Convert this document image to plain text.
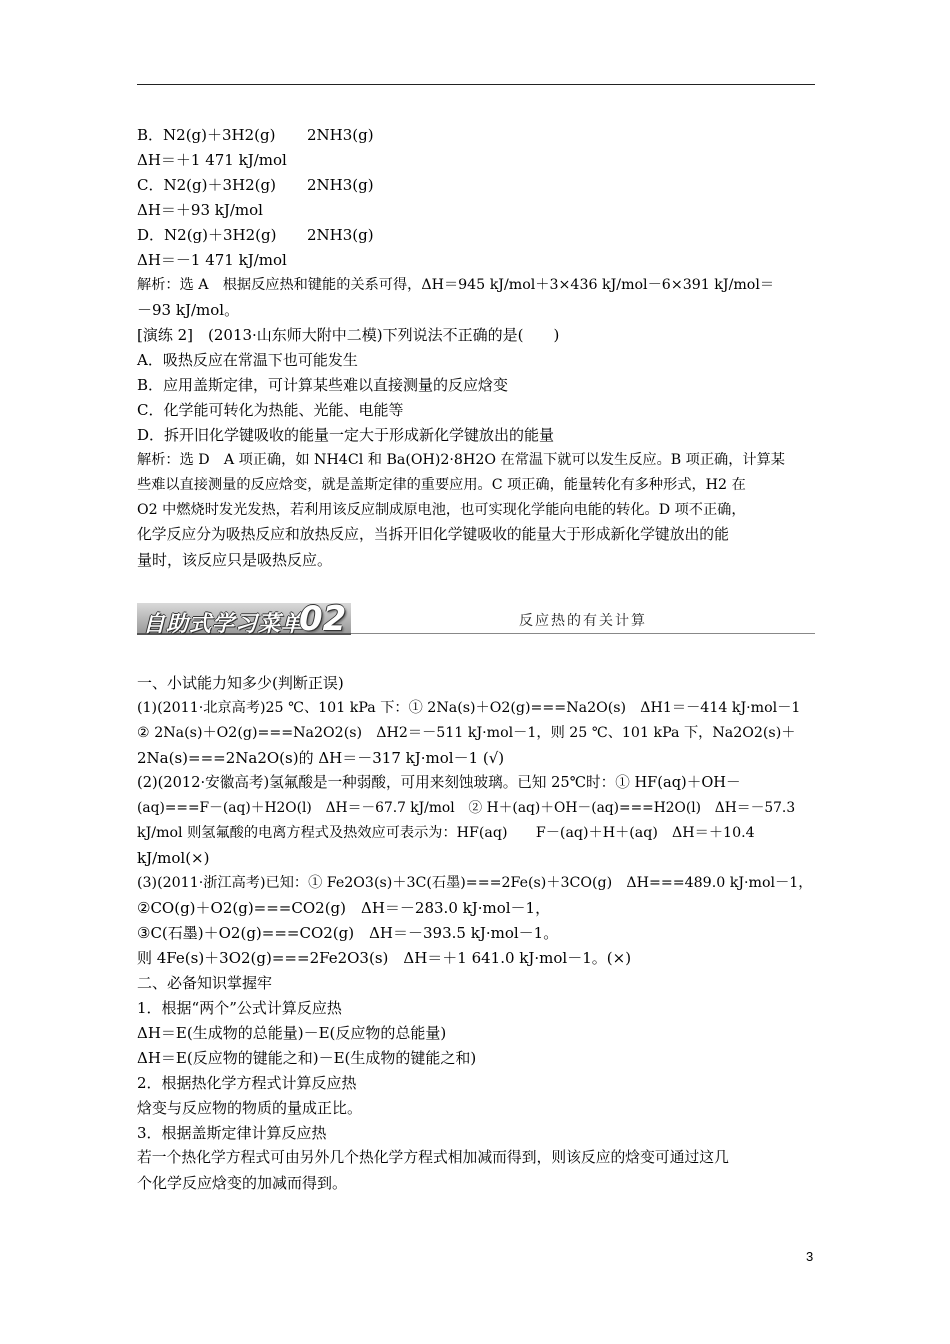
B．N2(g)＋3H2(g) 2NH3(g)
ΔH＝＋1 471 kJ/mol
C．N2(g)＋3H2(g) 2NH3(g)
ΔH＝＋93 kJ/mol
D．N2(g)＋3H2(g) 2NH3(g)
ΔH＝－1 471 kJ/mol
解析：选 A　根据反应热和键能的关系可得，ΔH＝945 kJ/mol＋3×436 kJ/mol－6×391 kJ/mol＝
－93 kJ/mol。
[演练 2]　(2013·山东师大附中二模)下列说法不正确的是(　　)
A．吸热反应在常温下也可能发生
B．应用盖斯定律，可计算某些难以直接测量的反应焓变
C．化学能可转化为热能、光能、电能等
D．拆开旧化学键吸收的能量一定大于形成新化学键放出的能量
解析：选 D　A 项正确，如 NH4Cl 和 Ba(OH)2·8H2O 在常温下就可以发生反应。B 项正确，计算某
些难以直接测量的反应焓变，就是盖斯定律的重要应用。C 项正确，能量转化有多种形式，H2 在
O2 中燃烧时发光发热，若利用该反应制成原电池，也可实现化学能向电能的转化。D 项不正确，
化学反应分为吸热反应和放热反应，当拆开旧化学键吸收的能量大于形成新化学键放出的能
量时，该反应只是吸热反应。
自助式学习菜单
02	反应热的有关计算
一、小试能力知多少(判断正误)
(1)(2011·北京高考)25 ℃、101 kPa 下：① 2Na(s)＋O2(g)===Na2O(s)　ΔH1＝－414 kJ·mol－1
② 2Na(s)＋O2(g)===Na2O2(s)　ΔH2＝－511 kJ·mol－1，则 25 ℃、101 kPa 下，Na2O2(s)＋
2Na(s)===2Na2O(s)的 ΔH＝－317 kJ·mol－1 (√)
(2)(2012·安徽高考)氢氟酸是一种弱酸，可用来刻蚀玻璃。已知 25℃时：① HF(aq)＋OH－
(aq)===F－(aq)＋H2O(l)　ΔH＝－67.7 kJ/mol　② H＋(aq)＋OH－(aq)===H2O(l)　ΔH＝－57.3
kJ/mol 则氢氟酸的电离方程式及热效应可表示为：HF(aq)　　F－(aq)＋H＋(aq)　ΔH＝＋10.4
kJ/mol(×)
(3)(2011·浙江高考)已知：① Fe2O3(s)＋3C(石墨)===2Fe(s)＋3CO(g)　ΔH===489.0 kJ·mol－1，
②CO(g)＋O2(g)===CO2(g)　ΔH＝－283.0 kJ·mol－1，
③C(石墨)＋O2(g)===CO2(g)　ΔH＝－393.5 kJ·mol－1。
则 4Fe(s)＋3O2(g)===2Fe2O3(s)　ΔH＝＋1 641.0 kJ·mol－1。(×)
二、必备知识掌握牢
1．根据“两个”公式计算反应热
ΔH＝E(生成物的总能量)－E(反应物的总能量)
ΔH＝E(反应物的键能之和)－E(生成物的键能之和)
2．根据热化学方程式计算反应热
焓变与反应物的物质的量成正比。
3．根据盖斯定律计算反应热
若一个热化学方程式可由另外几个热化学方程式相加减而得到，则该反应的焓变可通过这几
个化学反应焓变的加减而得到。
3
